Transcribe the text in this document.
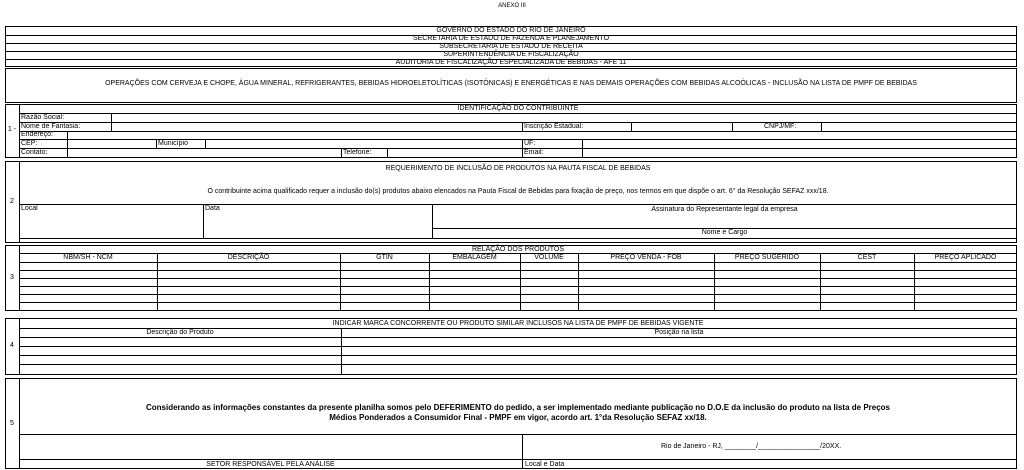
ANEXO III
GOVERNO DO ESTADO DO RIO DE JANEIRO
SECRETARIA DE ESTADO DE FAZENDA E PLANEJAMENTO
SUBSECRETARIA DE ESTADO DE RECEITA
SUPERINTENDÊNCIA DE FISCALIZAÇÃO
AUDITORIA DE FISCALIZAÇÃO ESPECIALIZADA DE BEBIDAS - AFE 11
OPERAÇÕES COM CERVEJA E CHOPE, ÁGUA MINERAL, REFRIGERANTES, BEBIDAS HIDROELETOLÍTICAS (ISOTÔNICAS) E ENERGÉTICAS E NAS DEMAIS OPERAÇÕES COM BEBIDAS ALCOÓLICAS - INCLUSÃO NA LISTA DE PMPF DE BEBIDAS
1 -
IDENTIFICAÇÃO DO CONTRIBUINTE
Razão Social:
Nome de Fantasia:	Inscrição Estadual:	CNPJ/MF:
Endereço:
CEP:	Município	UF:
Contato:	Telefone:	Email:
2
REQUERIMENTO DE INCLUSÃO DE PRODUTOS NA PAUTA FISCAL DE BEBIDAS
O contribuinte acima qualificado requer a inclusão do(s) produtos abaixo elencados na Pauta Fiscal de Bebidas para fixação de preço, nos termos em que dispõe o art. 6° da Resolução SEFAZ xxx/18.
Local	Data	Assinatura do Representante legal da empresa
Nome e Cargo
3
RELAÇÃO DOS PRODUTOS
NBM/SH - NCM	DESCRIÇÃO	GTIN	EMBALAGEM	VOLUME	PREÇO VENDA - FOB	PREÇO SUGERIDO	CEST	PREÇO APLICADO
4
INDICAR MARCA CONCORRENTE OU PRODUTO SIMILAR INCLUSOS NA LISTA DE PMPF DE BEBIDAS VIGENTE
Descrição do Produto	Posição na lista
5
Considerando as informações constantes da presente planilha somos pelo DEFERIMENTO do pedido, a ser implementado mediante publicação no D.O.E da inclusão do produto na lista de Preços
Médios Ponderados a Consumidor Final - PMPF em vigor, acordo art. 1°da Resolução SEFAZ xx/18.
Rio de Janeiro - RJ, ________/________________/20XX.
SETOR RESPONSÁVEL PELA ANÁLISE	Local e Data
